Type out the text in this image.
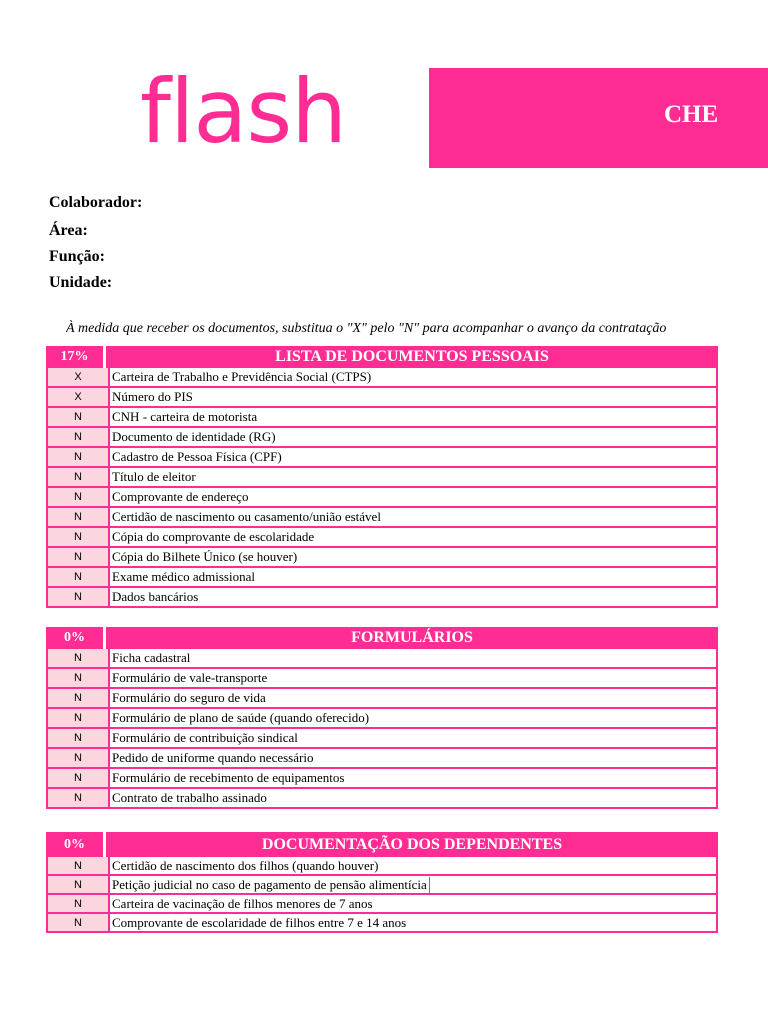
flash	CHE
Colaborador:
Área:
Função:
Unidade:
À medida que receber os documentos, substitua o "X" pelo "N" para acompanhar o avanço da contratação
17%	LISTA DE DOCUMENTOS PESSOAIS
X	Carteira de Trabalho e Previdência Social (CTPS)
X	Número do PIS
N	CNH - carteira de motorista
N	Documento de identidade (RG)
N	Cadastro de Pessoa Física (CPF)
N	Título de eleitor
N	Comprovante de endereço
N	Certidão de nascimento ou casamento/união estável
N	Cópia do comprovante de escolaridade
N	Cópia do Bilhete Único (se houver)
N	Exame médico admissional
N	Dados bancários
0%	FORMULÁRIOS
N	Ficha cadastral
N	Formulário de vale-transporte
N	Formulário do seguro de vida
N	Formulário de plano de saúde (quando oferecido)
N	Formulário de contribuição sindical
N	Pedido de uniforme quando necessário
N	Formulário de recebimento de equipamentos
N	Contrato de trabalho assinado
0%	DOCUMENTAÇÃO DOS DEPENDENTES
N	Certidão de nascimento dos filhos (quando houver)
N	Petição judicial no caso de pagamento de pensão alimentícia
N	Carteira de vacinação de filhos menores de 7 anos
N	Comprovante de escolaridade de filhos entre 7 e 14 anos
